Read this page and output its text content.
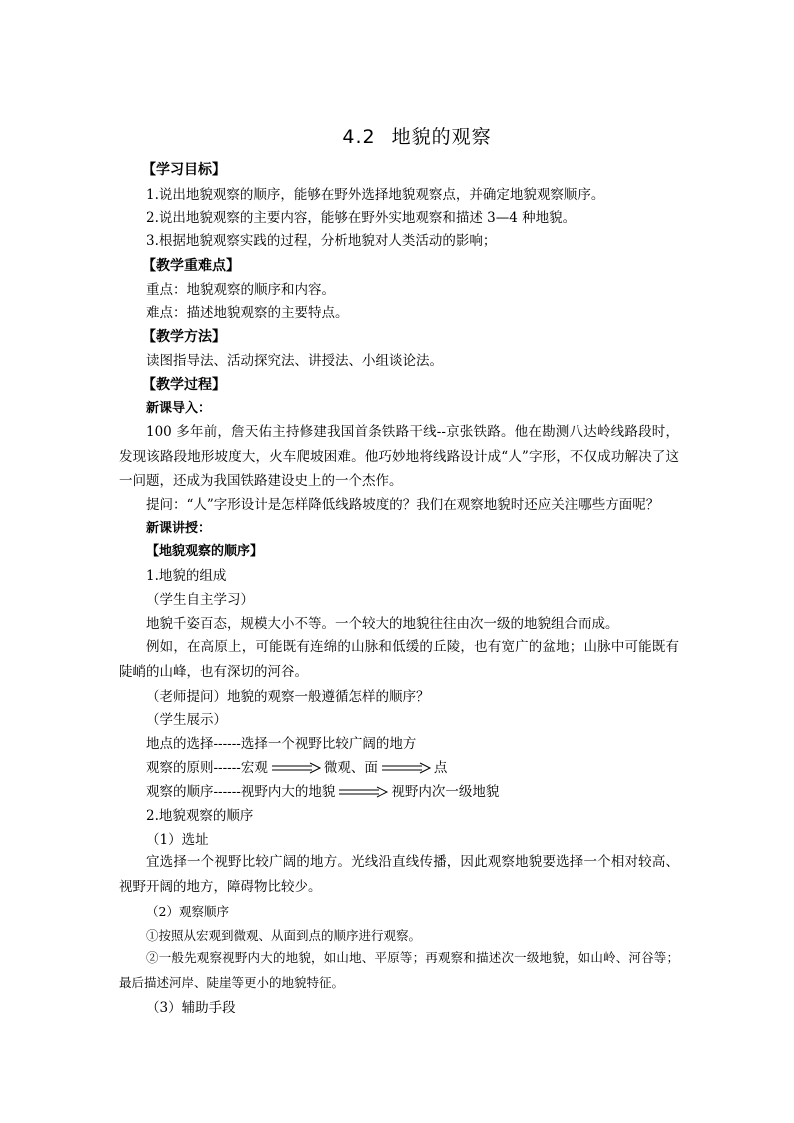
4.2 地貌的观察
【学习目标】
1.说出地貌观察的顺序，能够在野外选择地貌观察点，并确定地貌观察顺序。
2.说出地貌观察的主要内容，能够在野外实地观察和描述 3—4 种地貌。
3.根据地貌观察实践的过程，分析地貌对人类活动的影响；
【教学重难点】
重点：地貌观察的顺序和内容。
难点：描述地貌观察的主要特点。
【教学方法】
读图指导法、活动探究法、讲授法、小组谈论法。
【教学过程】
新课导入：
100 多年前，詹天佑主持修建我国首条铁路干线--京张铁路。他在勘测八达岭线路段时，发现该路段地形坡度大，火车爬坡困难。他巧妙地将线路设计成“人”字形，不仅成功解决了这一问题，还成为我国铁路建设史上的一个杰作。
提问：“人”字形设计是怎样降低线路坡度的？我们在观察地貌时还应关注哪些方面呢？
新课讲授：
【地貌观察的顺序】
1.地貌的组成
（学生自主学习）
地貌千姿百态，规模大小不等。一个较大的地貌往往由次一级的地貌组合而成。
例如，在高原上，可能既有连绵的山脉和低缓的丘陵，也有宽广的盆地；山脉中可能既有陡峭的山峰，也有深切的河谷。
（老师提问）地貌的观察一般遵循怎样的顺序？
（学生展示）
地点的选择------选择一个视野比较广阔的地方
观察的原则------ 宏观	微观、面	点
观察的顺序------ 视野内大的地貌	视野内次一级地貌
2.地貌观察的顺序
（1）选址
宜选择一个视野比较广阔的地方。光线沿直线传播，因此观察地貌要选择一个相对较高、视野开阔的地方，障碍物比较少。
（2）观察顺序
①按照从宏观到微观、从面到点的顺序进行观察。
②一般先观察视野内大的地貌，如山地、平原等；再观察和描述次一级地貌，如山岭、河谷等；最后描述河岸、陡崖等更小的地貌特征。
（3）辅助手段
